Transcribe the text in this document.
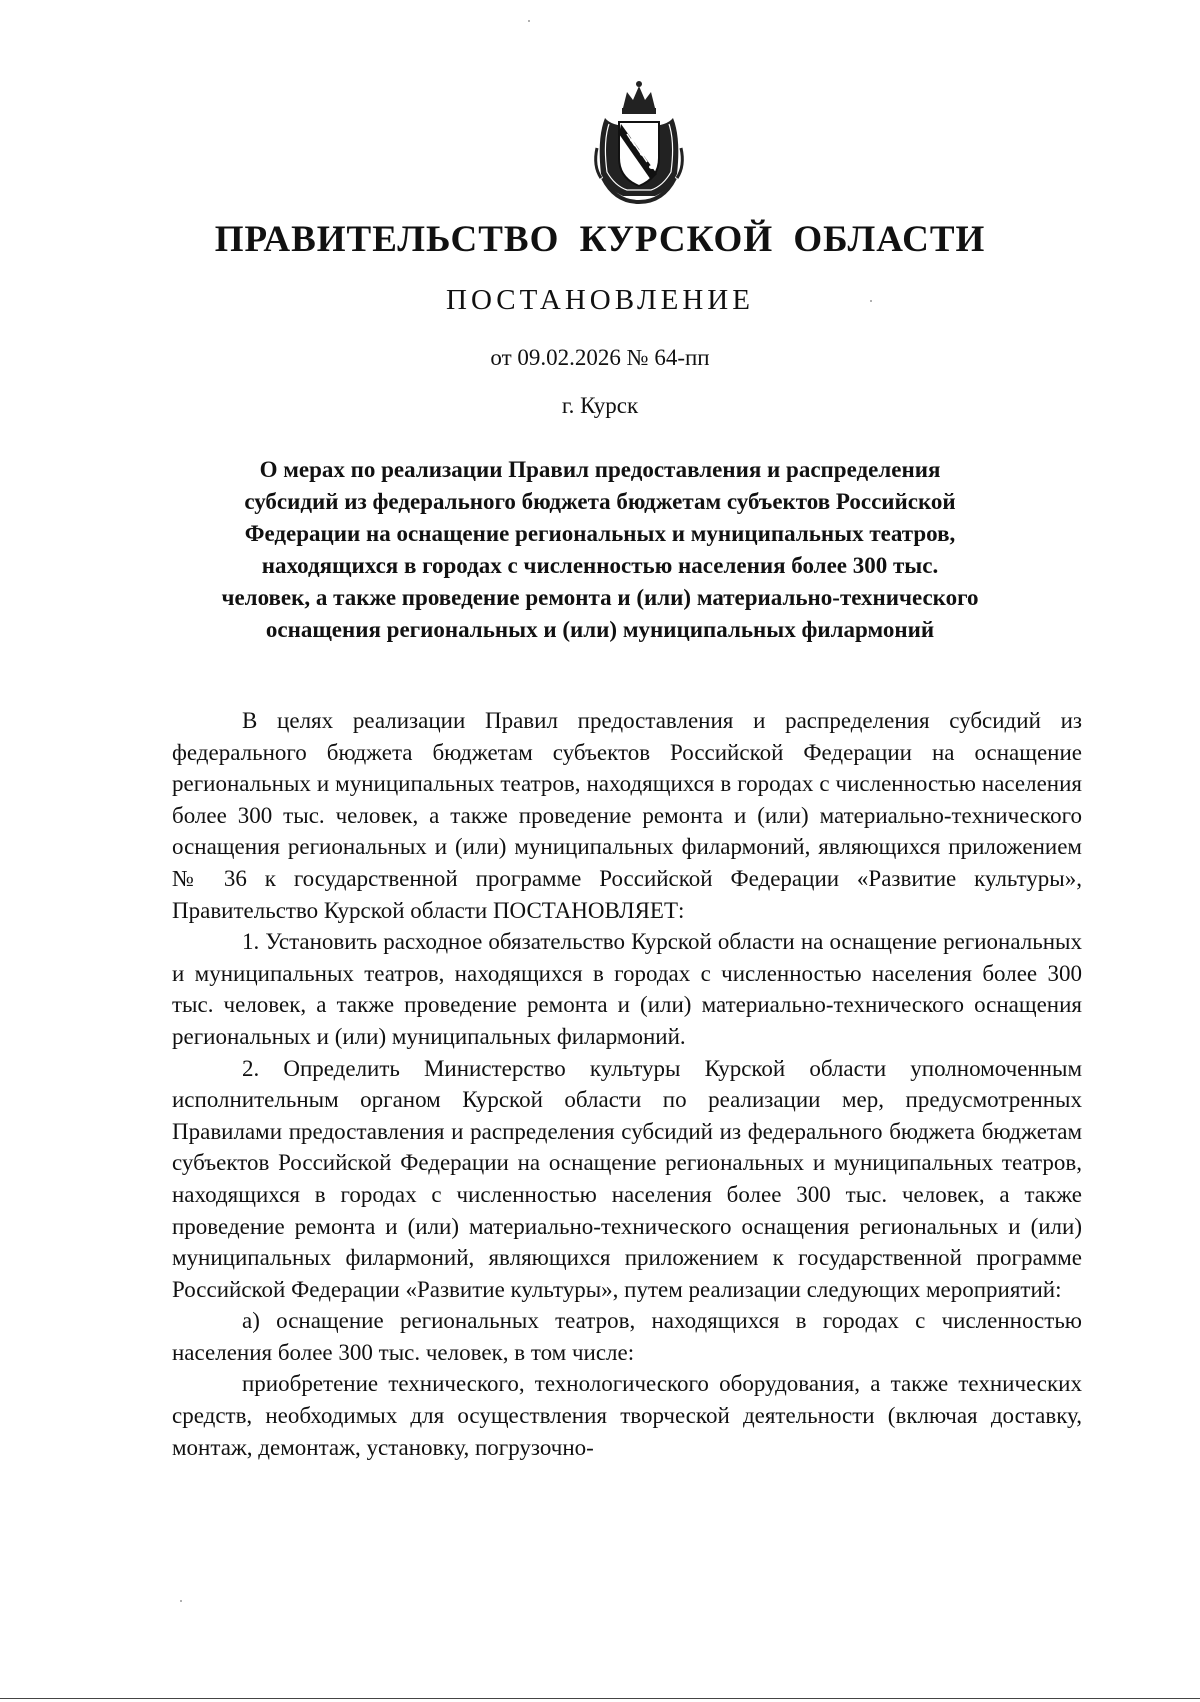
ПРАВИТЕЛЬСТВО КУРСКОЙ ОБЛАСТИ
ПОСТАНОВЛЕНИЕ
от 09.02.2026 № 64-пп
г. Курск
О мерах по реализации Правил предоставления и распределения
субсидий из федерального бюджета бюджетам субъектов Российской
Федерации на оснащение региональных и муниципальных театров,
находящихся в городах с численностью населения более 300 тыс.
человек, а также проведение ремонта и (или) материально-технического
оснащения региональных и (или) муниципальных филармоний

В целях реализации Правил предоставления и распределения субсидий из федерального бюджета бюджетам субъектов Российской Федерации на оснащение региональных и муниципальных театров, находящихся в городах с численностью населения более 300 тыс. человек, а также проведение ремонта и (или) материально-технического оснащения региональных и (или) муниципальных филармоний, являющихся приложением № 36 к государственной программе Российской Федерации «Развитие культуры», Правительство Курской области ПОСТАНОВЛЯЕТ:

1. Установить расходное обязательство Курской области на оснащение региональных и муниципальных театров, находящихся в городах с численностью населения более 300 тыс. человек, а также проведение ремонта и (или) материально-технического оснащения региональных и (или) муниципальных филармоний.

2. Определить Министерство культуры Курской области уполномоченным исполнительным органом Курской области по реализации мер, предусмотренных Правилами предоставления и распределения субсидий из федерального бюджета бюджетам субъектов Российской Федерации на оснащение региональных и муниципальных театров, находящихся в городах с численностью населения более 300 тыс. человек, а также проведение ремонта и (или) материально-технического оснащения региональных и (или) муниципальных филармоний, являющихся приложением к государственной программе Российской Федерации «Развитие культуры», путем реализации следующих мероприятий:

а) оснащение региональных театров, находящихся в городах с численностью населения более 300 тыс. человек, в том числе:

приобретение технического, технологического оборудования, а также технических средств, необходимых для осуществления творческой деятельности (включая доставку, монтаж, демонтаж, установку, погрузочно-
